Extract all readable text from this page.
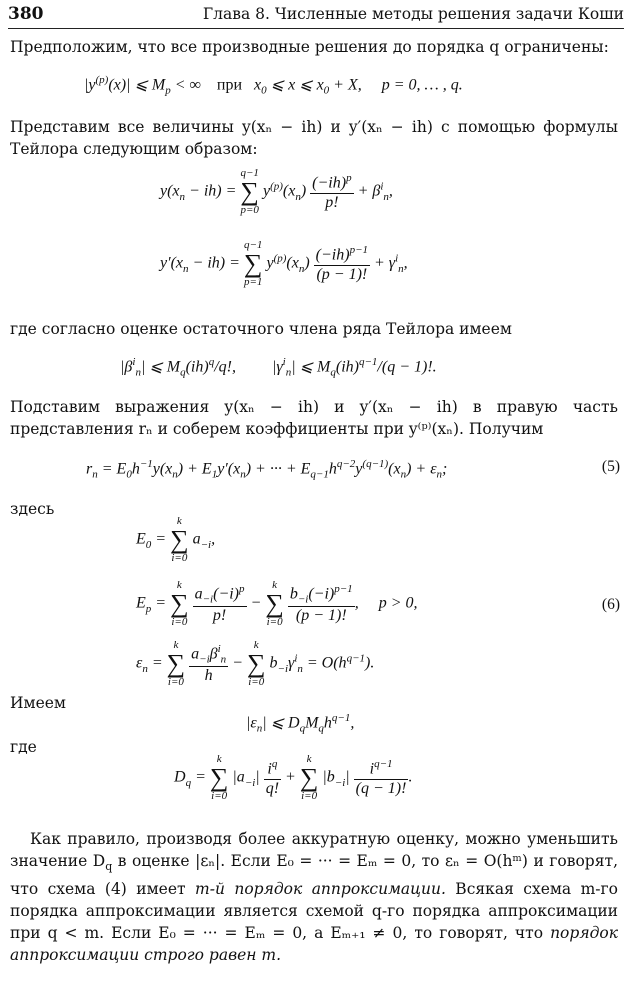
380	Глава 8. Численные методы решения задачи Коши

Предположим, что все производные решения до порядка q ограничены:

$|y^{(p)}(x)|$ ⩽ $M_p$ < ∞    при   $x_0$ ⩽ x ⩽ $x_0 + X$,     p = 0, … , q.

Представим все величины y(xₙ − ih) и y′(xₙ − ih) с помощью формулы Тейлора следующим образом:

$y(x_n - ih)$ =
q−1
∑
p=0
$y^{(p)}(x_n) \frac{(-ih)^p}{p!} + \beta^i_n$,
$y'(x_n - ih)$ =
q−1
∑
p=1
$y^{(p)}(x_n) \frac{(-ih)^{p-1}}{(p - 1)!} + \gamma^i_n$,

где согласно оценке остаточного члена ряда Тейлора имеем

$|\beta^i_n|$ ⩽ $M_q(ih)^q/q$!,         $|\gamma^i_n|$ ⩽ $M_q(ih)^{q-1}/(q - 1)$!.

Подставим выражения y(xₙ − ih) и y′(xₙ − ih) в правую часть представления rₙ и соберем коэффициенты при y⁽ᵖ⁾(xₙ). Получим

$r_n = E_0h^{-1}y(x_n) + E_1y'(x_n)$ + ··· + $E_{q-1}h^{q-2}y^{(q-1)}(x_n) + \varepsilon_n$;	(5)
здесь
$E_0$ =
k
∑
i=0
$a_{-i}$,
$E_p$ =
k
∑
i=0
$\frac{a_{-i}(-i)^p}{p!}$ −
k
∑
i=0
$\frac{b_{-i}(-i)^{p-1}}{(p - 1)!}$ ,     p > 0,	(6)
$\varepsilon_n$ =
k
∑
i=0
$\frac{a_{-i}\beta^i_n}{h}$ −
k
∑
i=0
$b_{-i}\gamma^i_n = O(h^{q-1})$.
Имеем
$|\varepsilon_n|$ ⩽ $D_qM_qh^{q-1}$,
где
$D_q$ =
k
∑
i=0
$|a_{-i}| \frac{i^q}{q!}$ +
k
∑
i=0
$|b_{-i}| \frac{i^{q-1}}{(q - 1)!}$ .

Как правило, производя более аккуратную оценку, можно уменьшить значение $D_q$ в оценке |εₙ|. Если E₀ = ··· = Eₘ = 0, то εₙ = O(hᵐ) и говорят, что схема (4) имеет m-й порядок аппроксимации. Всякая схема m-го порядка аппроксимации является схемой q-го порядка аппроксимации при q < m. Если E₀ = ··· = Eₘ = 0, а Eₘ₊₁ ≠ 0, то говорят, что порядок аппроксимации строго равен m.
